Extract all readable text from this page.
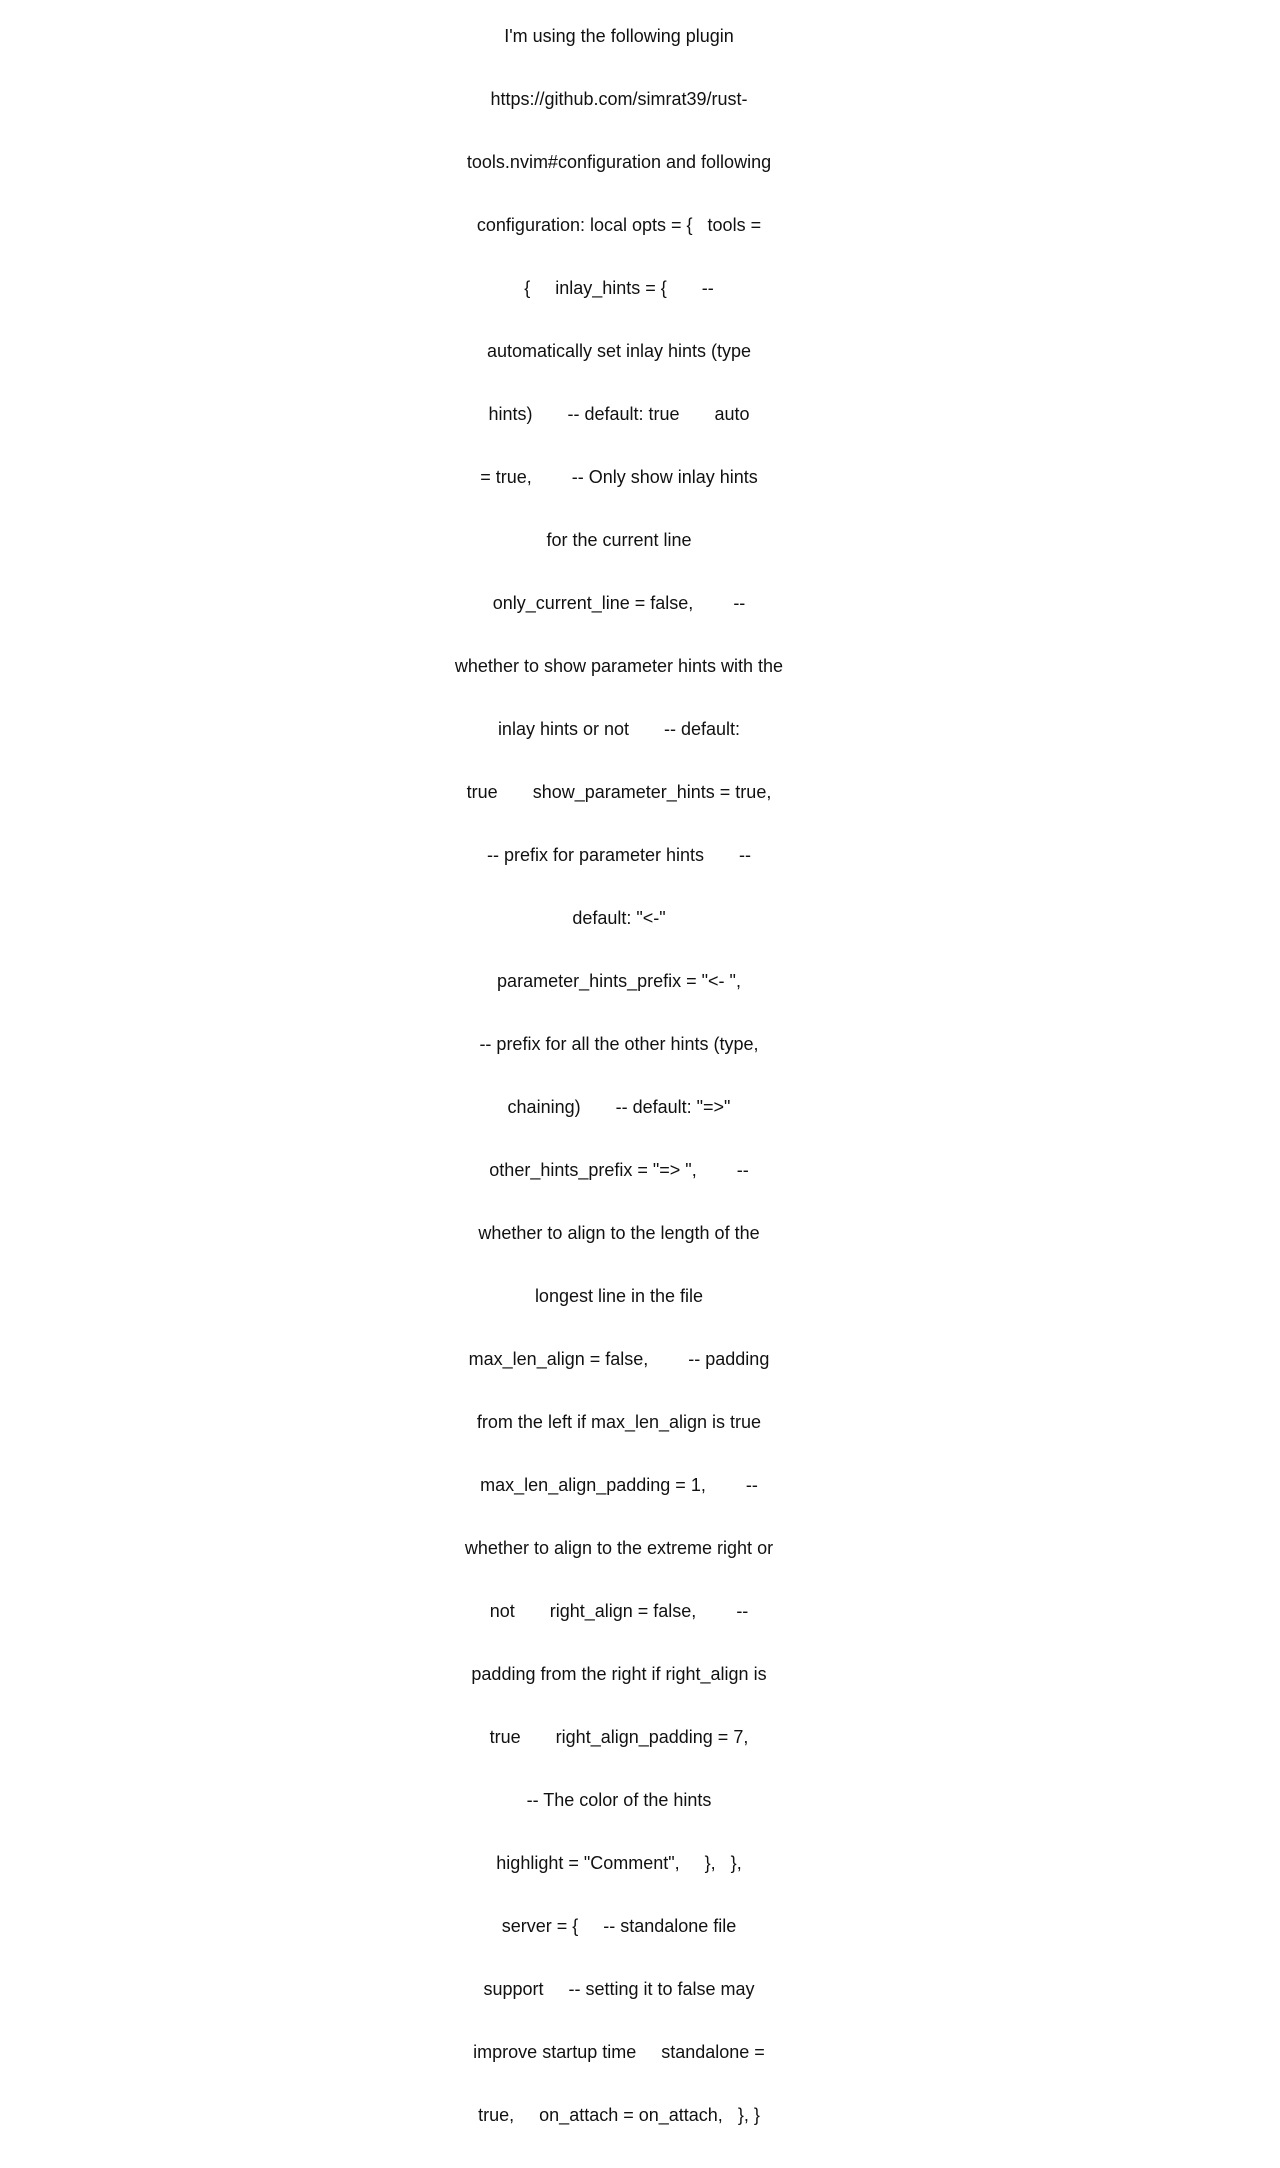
I'm using the following plugin

https://github.com/simrat39/rust-

tools.nvim#configuration and following

configuration: local opts = {   tools =

{     inlay_hints = {       --

automatically set inlay hints (type

hints)       -- default: true       auto

= true,        -- Only show inlay hints

for the current line

only_current_line = false,        --

whether to show parameter hints with the

inlay hints or not       -- default:

true       show_parameter_hints = true,

-- prefix for parameter hints       --

default: "<-"

parameter_hints_prefix = "<- ",

-- prefix for all the other hints (type,

chaining)       -- default: "=>"

other_hints_prefix = "=> ",        --

whether to align to the length of the

longest line in the file

max_len_align = false,        -- padding

from the left if max_len_align is true

max_len_align_padding = 1,        --

whether to align to the extreme right or

not       right_align = false,        --

padding from the right if right_align is

true       right_align_padding = 7,

-- The color of the hints

highlight = "Comment",     },   },

server = {     -- standalone file

support     -- setting it to false may

improve startup time     standalone =

true,     on_attach = on_attach,   }, }
